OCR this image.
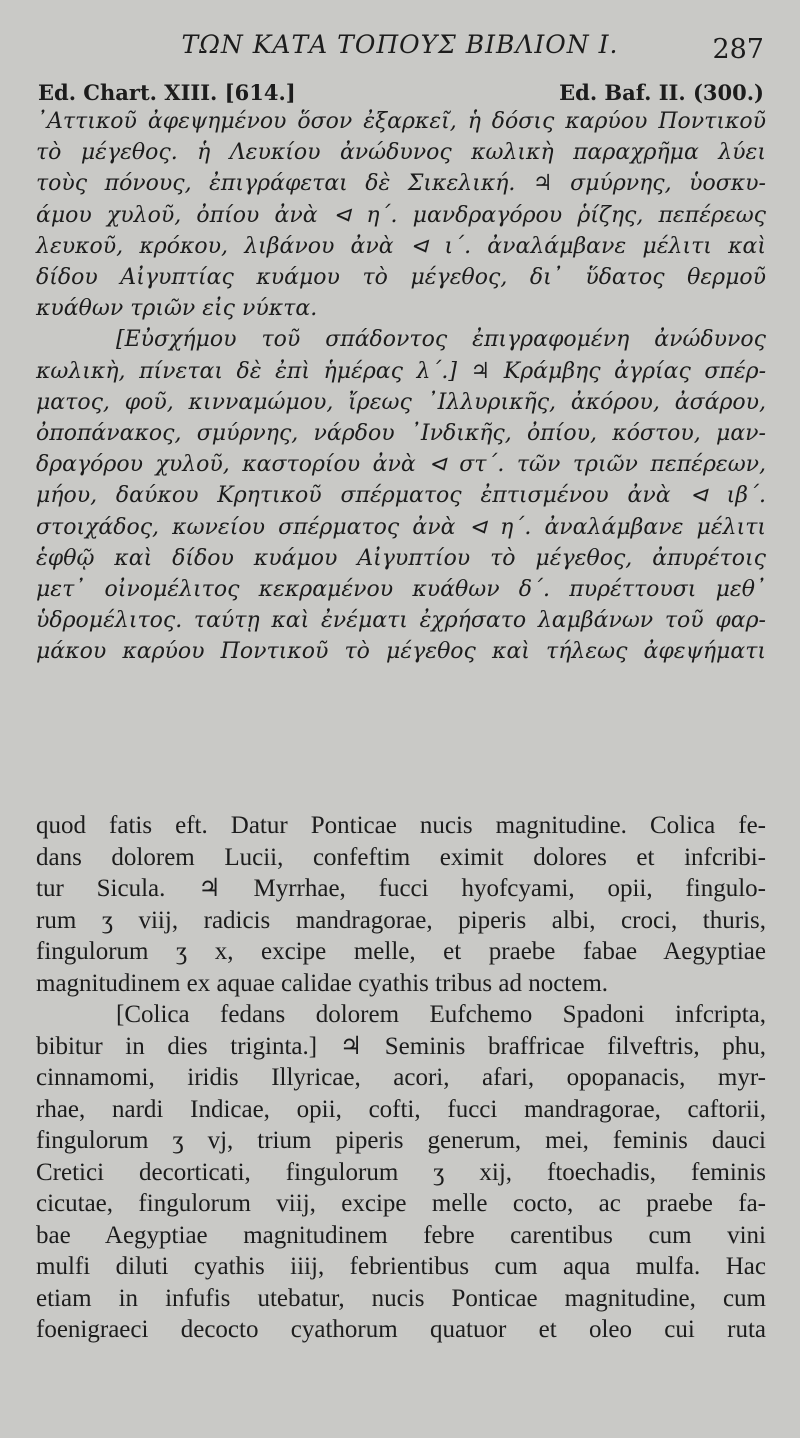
ΤΩΝ ΚΑΤΑ ΤΟΠΟΥΣ ΒΙΒΛΙΟΝ Ι.	287
Ed. Chart. XIII. [614.]	Ed. Baf. II. (300.)
᾿Αττικοῦ ἀφεψημένου ὅσον ἐξαρκεῖ, ἡ δόσις καρύου Ποντικοῦ
τὸ μέγεθος. ἡ Λευκίου ἀνώδυνος κωλικὴ παραχρῆμα λύει
τοὺς πόνους, ἐπιγράφεται δὲ Σικελική. ♃ σμύρνης, ὑοσκυ-
άμου χυλοῦ, ὀπίου ἀνὰ ⊲ η΄. μανδραγόρου ῥίζης, πεπέρεως
λευκοῦ, κρόκου, λιβάνου ἀνὰ ⊲ ι΄. ἀναλάμβανε μέλιτι καὶ
δίδου Αἰγυπτίας κυάμου τὸ μέγεθος, δι᾿ ὕδατος θερμοῦ
κυάθων τριῶν εἰς νύκτα.
[Εὐσχήμου τοῦ σπάδοντος ἐπιγραφομένη ἀνώδυνος
κωλικὴ, πίνεται δὲ ἐπὶ ἡμέρας λ΄.] ♃ Κράμβης ἀγρίας σπέρ-
ματος, φοῦ, κινναμώμου, ἴρεως ᾿Ιλλυρικῆς, ἀκόρου, ἀσάρου,
ὀποπάνακος, σμύρνης, νάρδου ᾿Ινδικῆς, ὀπίου, κόστου, μαν-
δραγόρου χυλοῦ, καστορίου ἀνὰ ⊲ στ΄. τῶν τριῶν πεπέρεων,
μήου, δαύκου Κρητικοῦ σπέρματος ἐπτισμένου ἀνὰ ⊲ ιβ΄.
στοιχάδος, κωνείου σπέρματος ἀνὰ ⊲ η΄. ἀναλάμβανε μέλιτι
ἑφθῷ καὶ δίδου κυάμου Αἰγυπτίου τὸ μέγεθος, ἀπυρέτοις
μετ᾿ οἰνομέλιτος κεκραμένου κυάθων δ΄. πυρέττουσι μεθ᾿
ὑδρομέλιτος. ταύτῃ καὶ ἐνέματι ἐχρήσατο λαμβάνων τοῦ φαρ-
μάκου καρύου Ποντικοῦ τὸ μέγεθος καὶ τήλεως ἀφεψήματι
quod fatis eft. Datur Ponticae nucis magnitudine. Colica fe-
dans dolorem Lucii, confeftim eximit dolores et infcribi-
tur Sicula. ♃ Myrrhae, fucci hyofcyami, opii, fingulo-
rum ʒ viij, radicis mandragorae, piperis albi, croci, thuris,
fingulorum ʒ x, excipe melle, et praebe fabae Aegyptiae
magnitudinem ex aquae calidae cyathis tribus ad noctem.
[Colica fedans dolorem Eufchemo Spadoni infcripta,
bibitur in dies triginta.] ♃ Seminis braffricae filveftris, phu,
cinnamomi, iridis Illyricae, acori, afari, opopanacis, myr-
rhae, nardi Indicae, opii, cofti, fucci mandragorae, caftorii,
fingulorum ʒ vj, trium piperis generum, mei, feminis dauci
Cretici decorticati, fingulorum ʒ xij, ftoechadis, feminis
cicutae, fingulorum viij, excipe melle cocto, ac praebe fa-
bae Aegyptiae magnitudinem febre carentibus cum vini
mulfi diluti cyathis iiij, febrientibus cum aqua mulfa. Hac
etiam in infufis utebatur, nucis Ponticae magnitudine, cum
foenigraeci decocto cyathorum quatuor et oleo cui ruta
